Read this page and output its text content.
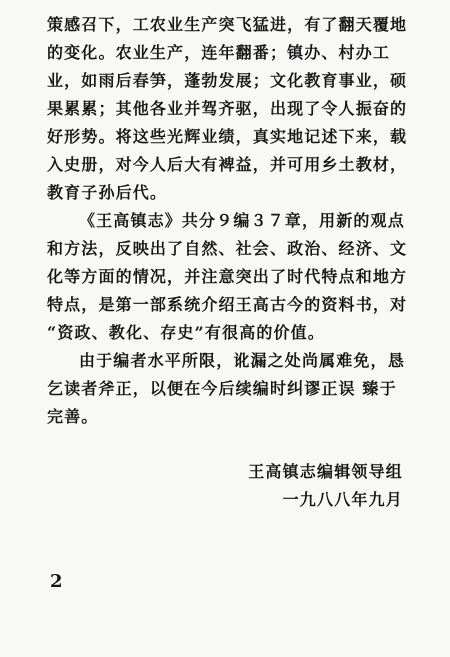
策感召下，工农业生产突飞猛进，有了翻天覆地
的变化。农业生产，连年翻番；镇办、村办工
业，如雨后春笋，蓬勃发展；文化教育事业，硕
果累累；其他各业并驾齐驱，出现了令人振奋的
好形势。将这些光辉业绩，真实地记述下来，载
入史册，对今人后大有裨益，并可用乡土教材，
教育子孙后代。
《王高镇志》共分９编３７章，用新的观点
和方法，反映出了自然、社会、政治、经济、文
化等方面的情况，并注意突出了时代特点和地方
特点，是第一部系统介绍王高古今的资料书，对
“资政、教化、存史”有很高的价值。
由于编者水平所限，讹漏之处尚属难免，恳
乞读者斧正，以便在今后续编时纠谬正误 臻于
完善。
王高镇志编辑领导组
一九八八年九月
2
